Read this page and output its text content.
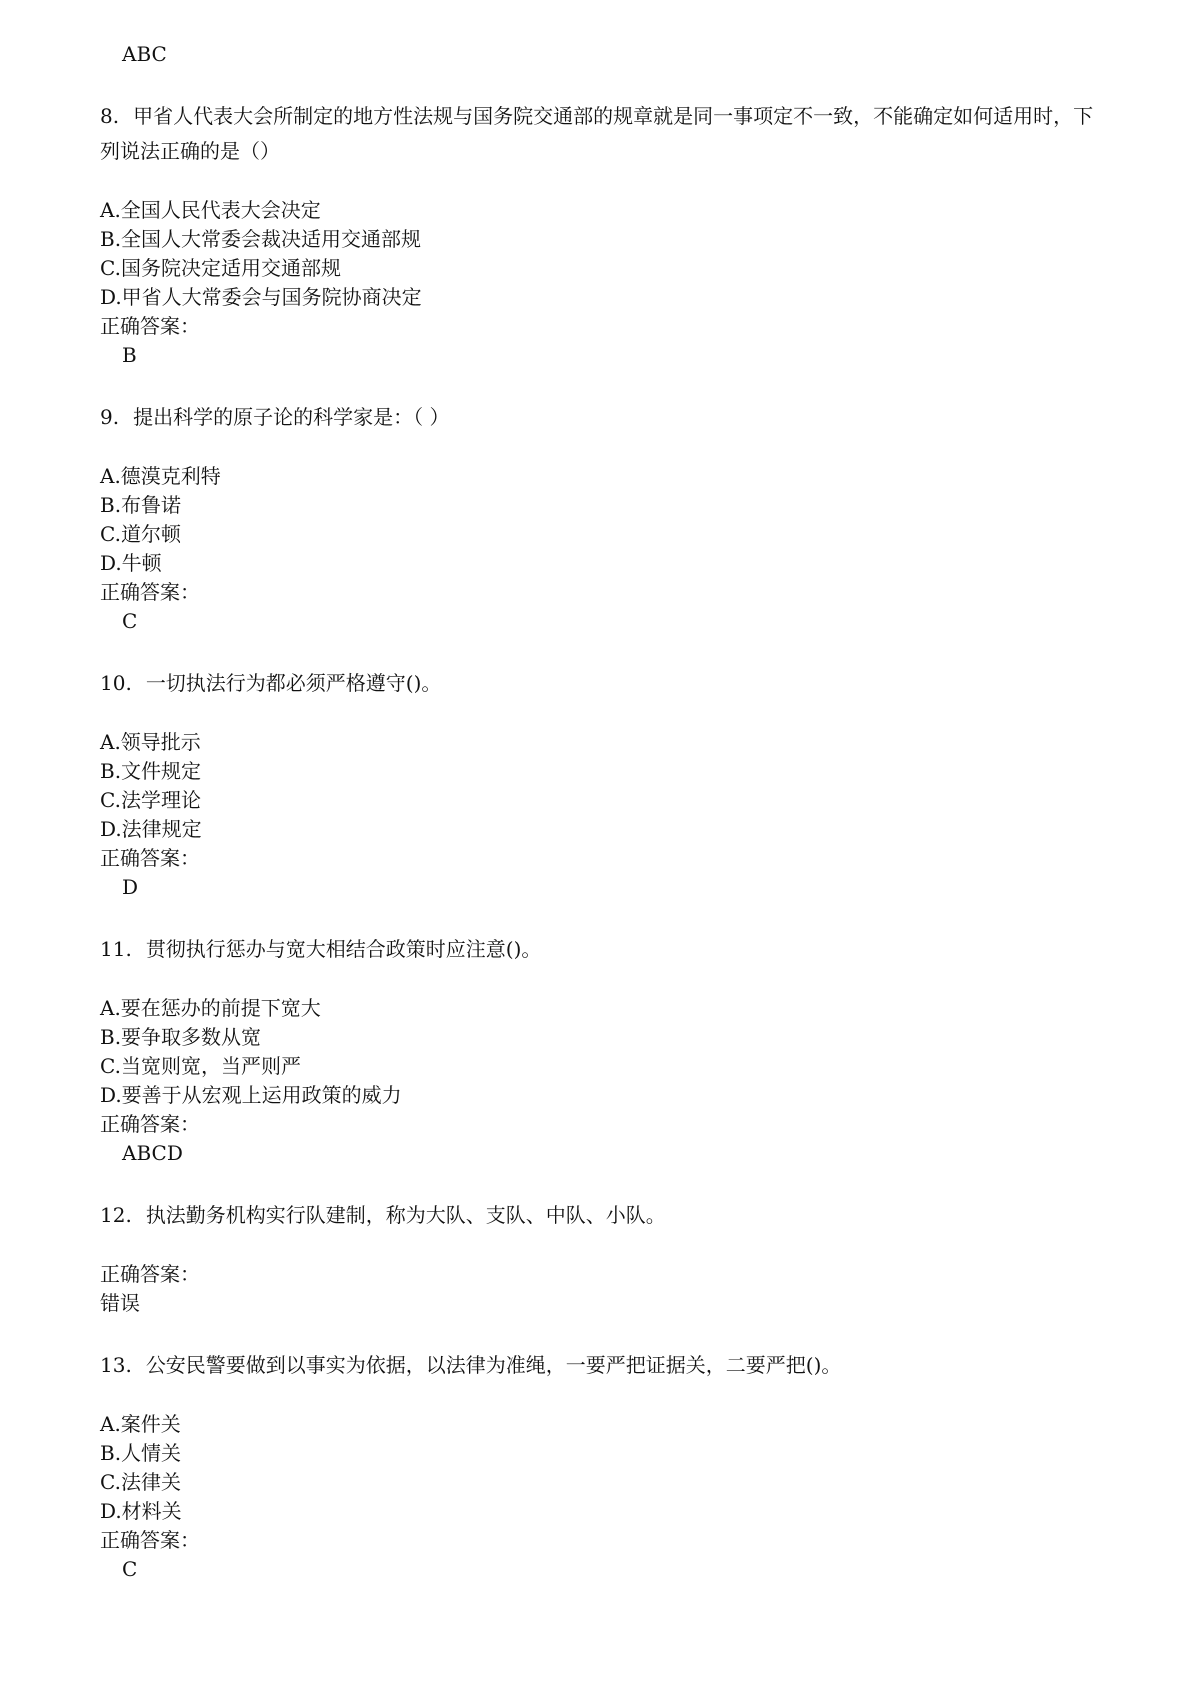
ABC
8. 甲省人代表大会所制定的地方性法规与国务院交通部的规章就是同一事项定不一致，不能确定如何适用时，下列说法正确的是（）
A.全国人民代表大会决定
B.全国人大常委会裁决适用交通部规
C.国务院决定适用交通部规
D.甲省人大常委会与国务院协商决定
正确答案：
B
9. 提出科学的原子论的科学家是：（ ）
A.德漠克利特
B.布鲁诺
C.道尔顿
D.牛顿
正确答案：
C
10. 一切执法行为都必须严格遵守()。
A.领导批示
B.文件规定
C.法学理论
D.法律规定
正确答案：
D
11. 贯彻执行惩办与宽大相结合政策时应注意()。
A.要在惩办的前提下宽大
B.要争取多数从宽
C.当宽则宽，当严则严
D.要善于从宏观上运用政策的威力
正确答案：
ABCD
12. 执法勤务机构实行队建制，称为大队、支队、中队、小队。
正确答案：
错误
13. 公安民警要做到以事实为依据，以法律为准绳，一要严把证据关，二要严把()。
A.案件关
B.人情关
C.法律关
D.材料关
正确答案：
C
